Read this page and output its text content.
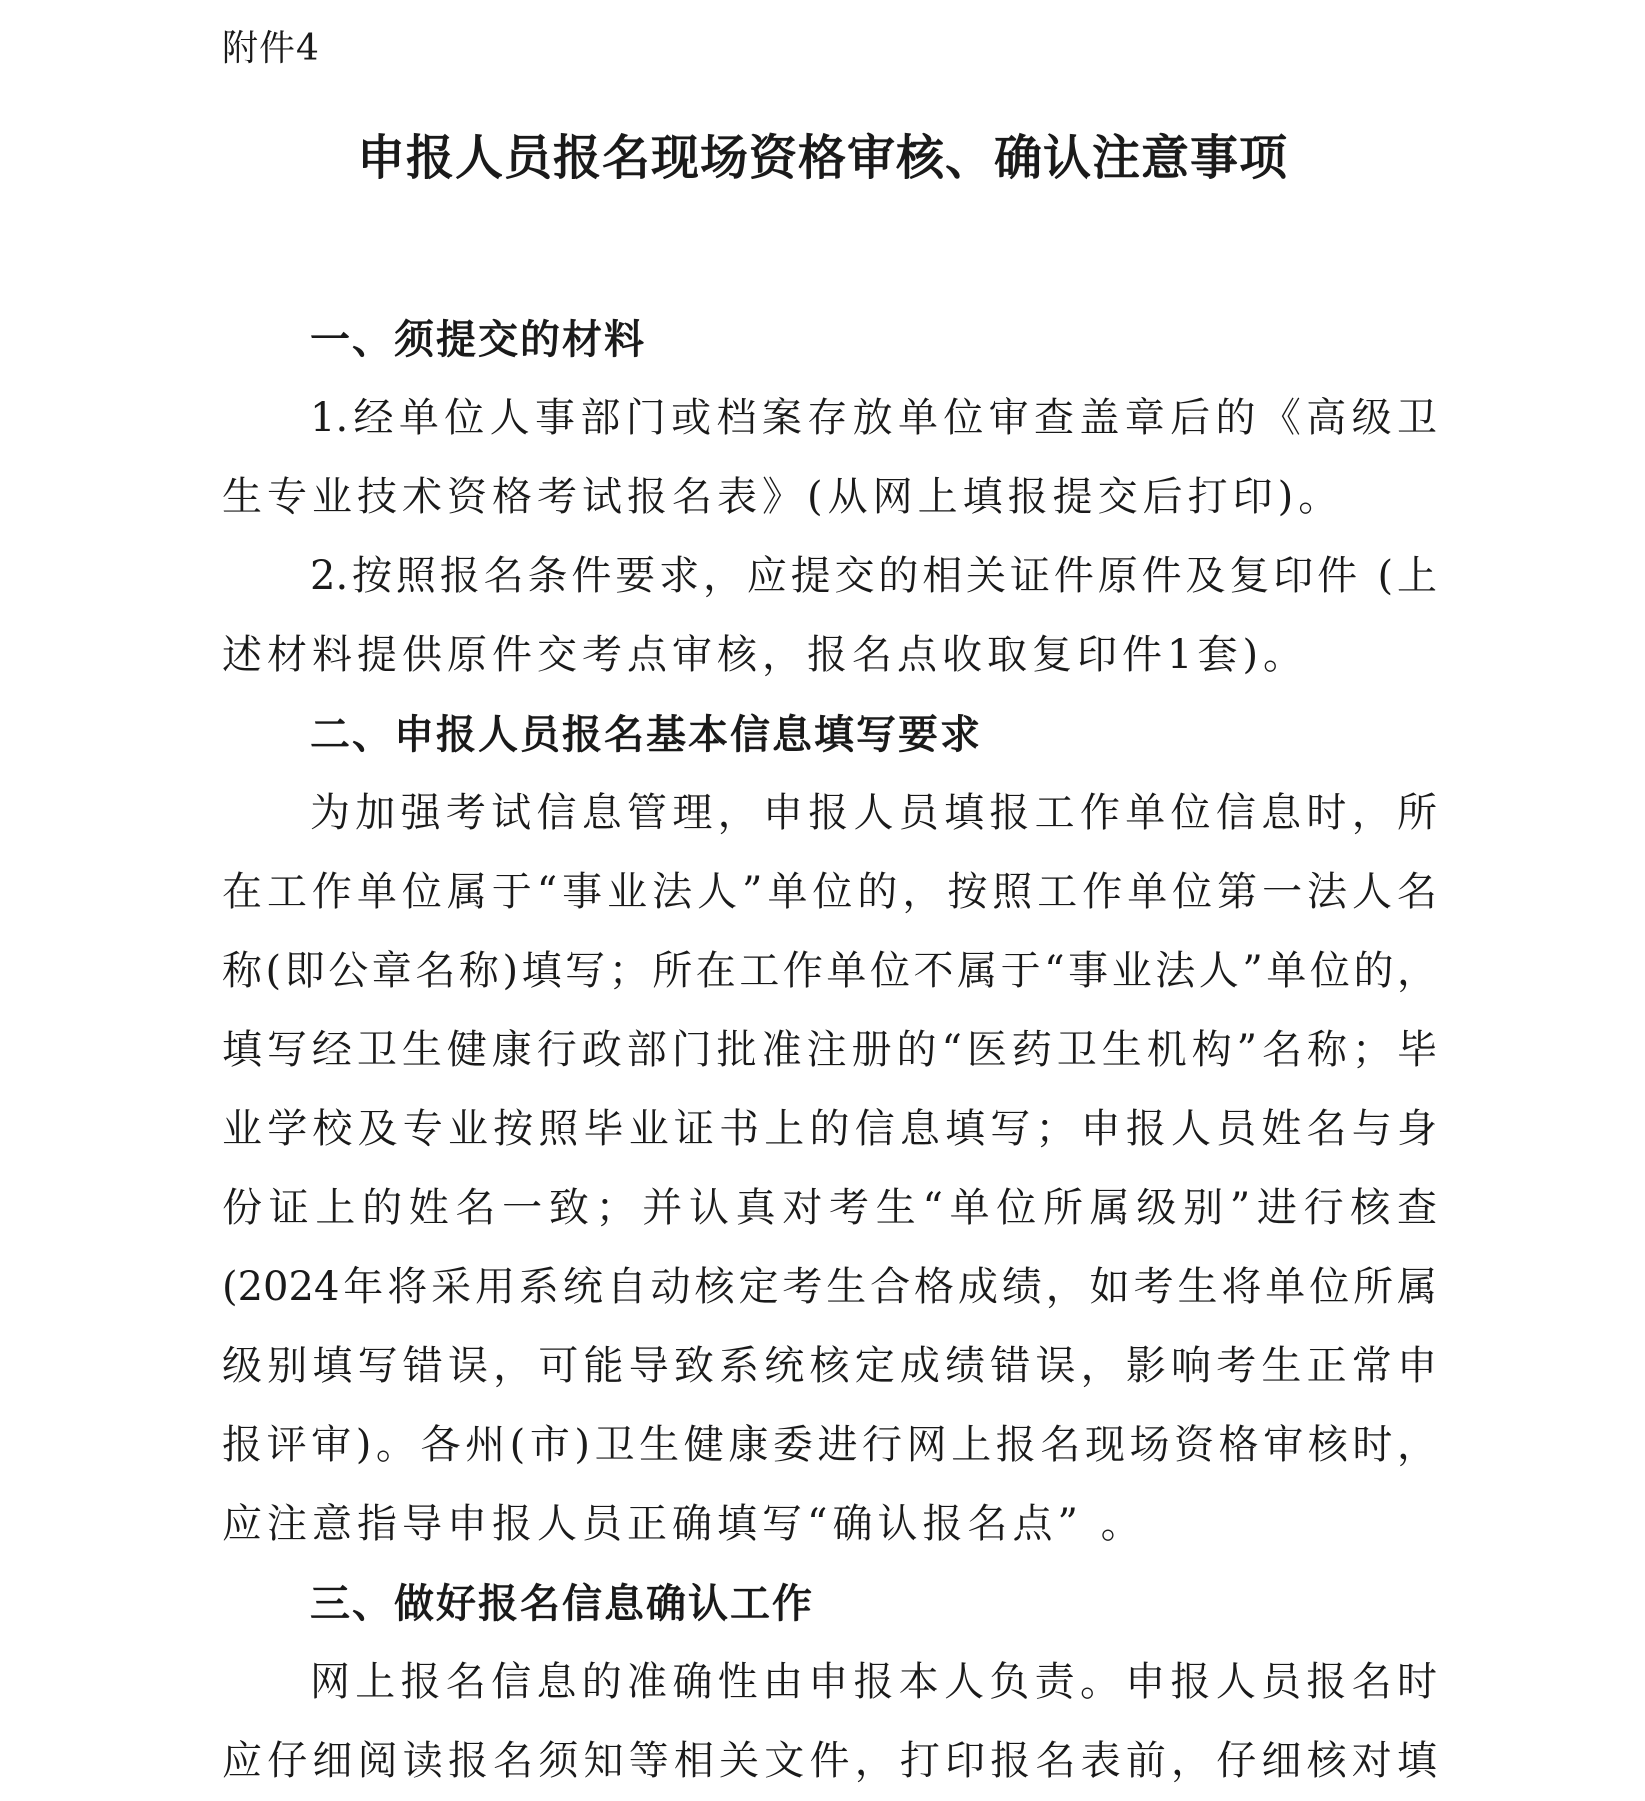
附件4
申报人员报名现场资格审核、确认注意事项
一、须提交的材料
1.经单位人事部门或档案存放单位审查盖章后的《高级卫
生专业技术资格考试报名表》(从网上填报提交后打印)。
2.按照报名条件要求，应提交的相关证件原件及复印件 (上
述材料提供原件交考点审核，报名点收取复印件1套)。
二、申报人员报名基本信息填写要求
为加强考试信息管理，申报人员填报工作单位信息时，所
在工作单位属于“事业法人”单位的，按照工作单位第一法人名
称(即公章名称)填写；所在工作单位不属于“事业法人”单位的，
填写经卫生健康行政部门批准注册的“医药卫生机构”名称；毕
业学校及专业按照毕业证书上的信息填写；申报人员姓名与身
份证上的姓名一致；并认真对考生“单位所属级别”进行核查
(2024年将采用系统自动核定考生合格成绩，如考生将单位所属
级别填写错误，可能导致系统核定成绩错误，影响考生正常申
报评审)。各州(市)卫生健康委进行网上报名现场资格审核时，
应注意指导申报人员正确填写“确认报名点” 。
三、做好报名信息确认工作
网上报名信息的准确性由申报本人负责。申报人员报名时
应仔细阅读报名须知等相关文件，打印报名表前，仔细核对填
